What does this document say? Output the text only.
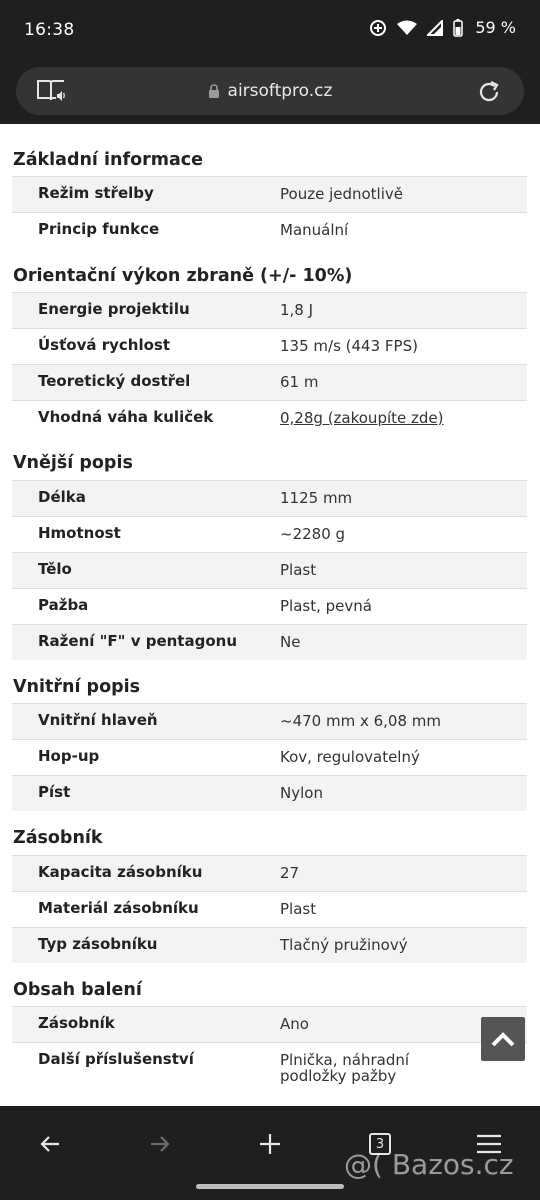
16:38	59 %
airsoftpro.cz
Základní informace
Režim střelby	Pouze jednotlivě
Princip funkce	Manuální
Orientační výkon zbraně (+/- 10%)
Energie projektilu	1,8 J
Úsťová rychlost	135 m/s (443 FPS)
Teoretický dostřel	61 m
Vhodná váha kuliček	0,28g (zakoupíte zde)
Vnější popis
Délka	1125 mm
Hmotnost	~2280 g
Tělo	Plast
Pažba	Plast, pevná
Ražení "F" v pentagonu	Ne
Vnitřní popis
Vnitřní hlaveň	~470 mm x 6,08 mm
Hop-up	Kov, regulovatelný
Píst	Nylon
Zásobník
Kapacita zásobníku	27
Materiál zásobníku	Plast
Typ zásobníku	Tlačný pružinový
Obsah balení
Zásobník	Ano
Další příslušenství	Plnička, náhradní podložky pažby
3
@( Bazos.cz
